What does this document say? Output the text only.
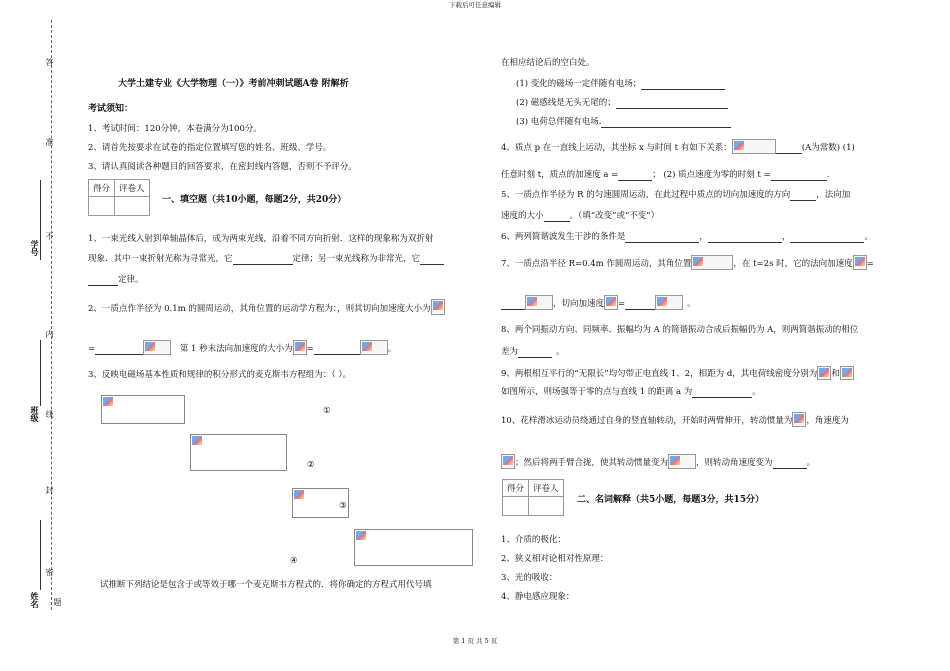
下载后可任意编辑
第 1 页 共 5 页
答
准
学号
不
内
班级 线
封
密
姓名 题
大学土建专业《大学物理（一）》考前冲刺试题A卷 附解析
考试须知：
1、考试时间：120分钟，本卷满分为100分。
2、请首先按要求在试卷的指定位置填写您的姓名、班级、学号。
3、请认真阅读各种题目的回答要求，在密封线内答题，否则不予评分。
得分	评卷人

一、填空题（共10小题，每题2分，共20分）
1、一束光线入射到单轴晶体后，成为两束光线，沿着不同方向折射．这样的现象称为双折射
现象．其中一束折射光称为寻常光，它	定律；另一束光线称为非常光，它
定律。
2、一质点作半径为 0.1m 的圆周运动，其角位置的运动学方程为：，则其切向加速度大小为
=	第 1 秒末法向加速度的大小为 =	。
3、反映电磁场基本性质和规律的积分形式的麦克斯韦方程组为：（ ）。

①

②

③
④
试推断下列结论是包含于或等效于哪一个麦克斯韦方程式的．将你确定的方程式用代号填
在相应结论后的空白处。
(1) 变化的磁场一定伴随有电场；
(2) 磁感线是无头无尾的；
(3) 电荷总伴随有电场.
4、质点 p 在一直线上运动，其坐标 x 与时间 t 有如下关系：	(A为常数) (1)
任意时刻 t，质点的加速度 a =	； (2) 质点速度为零的时刻 t =	.
5、一质点作半径为 R 的匀速圆周运动，在此过程中质点的切向加速度的方向	，法向加
速度的大小	。（填“改变”或“不变”）
6、两列简谐波发生干涉的条件是	，	，	。
7、一质点沿半径 R=0.4m 作圆周运动，其角位置	，在 t=2s 时，它的法向加速度 =
，切向加速度 =	。
8、两个同振动方向、同频率、振幅均为 A 的简谐振动合成后振幅仍为 A，则两简谐振动的相位
差为	。
9、两根相互平行的“无限长”均匀带正电直线 1、2，相距为 d，其电荷线密度分别为 和
如图所示，则场强等于零的点与直线 1 的距离 a 为	。
10、花样滑冰运动员绕通过自身的竖直轴转动，开始时两臂伸开，转动惯量为 ，角速度为
；然后将两手臂合拢，使其转动惯量变为	，则转动角速度变为	。
得分	评卷人

二、名词解释（共5小题，每题3分，共15分）
1、介质的极化：
2、狭义相对论相对性原理：
3、光的吸收：
4、静电感应现象：
